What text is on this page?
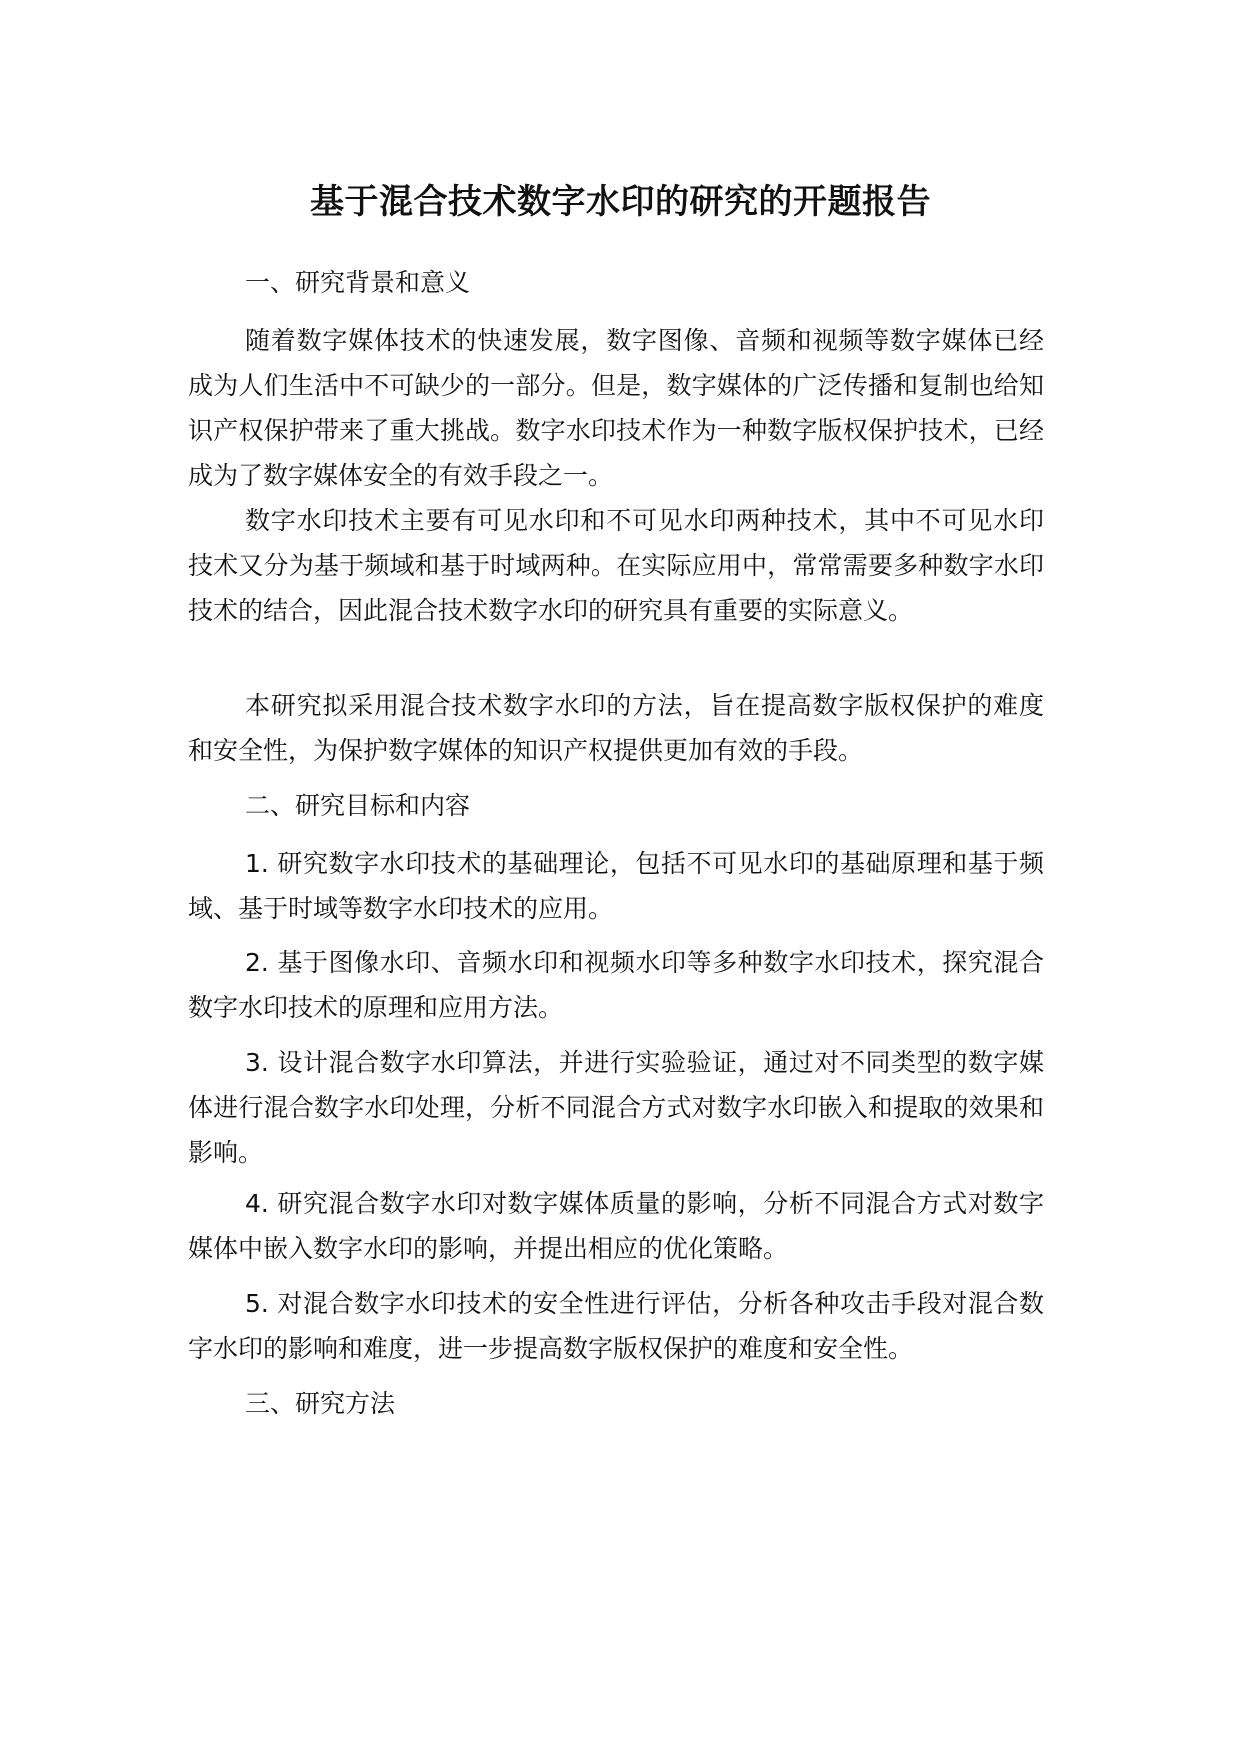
基于混合技术数字水印的研究的开题报告

一、研究背景和意义

随着数字媒体技术的快速发展，数字图像、音频和视频等数字媒体已经成为人们生活中不可缺少的一部分。但是，数字媒体的广泛传播和复制也给知识产权保护带来了重大挑战。数字水印技术作为一种数字版权保护技术，已经成为了数字媒体安全的有效手段之一。

数字水印技术主要有可见水印和不可见水印两种技术，其中不可见水印技术又分为基于频域和基于时域两种。在实际应用中，常常需要多种数字水印技术的结合，因此混合技术数字水印的研究具有重要的实际意义。

本研究拟采用混合技术数字水印的方法，旨在提高数字版权保护的难度和安全性，为保护数字媒体的知识产权提供更加有效的手段。

二、研究目标和内容

1. 研究数字水印技术的基础理论，包括不可见水印的基础原理和基于频域、基于时域等数字水印技术的应用。

2. 基于图像水印、音频水印和视频水印等多种数字水印技术，探究混合数字水印技术的原理和应用方法。

3. 设计混合数字水印算法，并进行实验验证，通过对不同类型的数字媒体进行混合数字水印处理，分析不同混合方式对数字水印嵌入和提取的效果和影响。

4. 研究混合数字水印对数字媒体质量的影响，分析不同混合方式对数字媒体中嵌入数字水印的影响，并提出相应的优化策略。

5. 对混合数字水印技术的安全性进行评估，分析各种攻击手段对混合数字水印的影响和难度，进一步提高数字版权保护的难度和安全性。

三、研究方法
